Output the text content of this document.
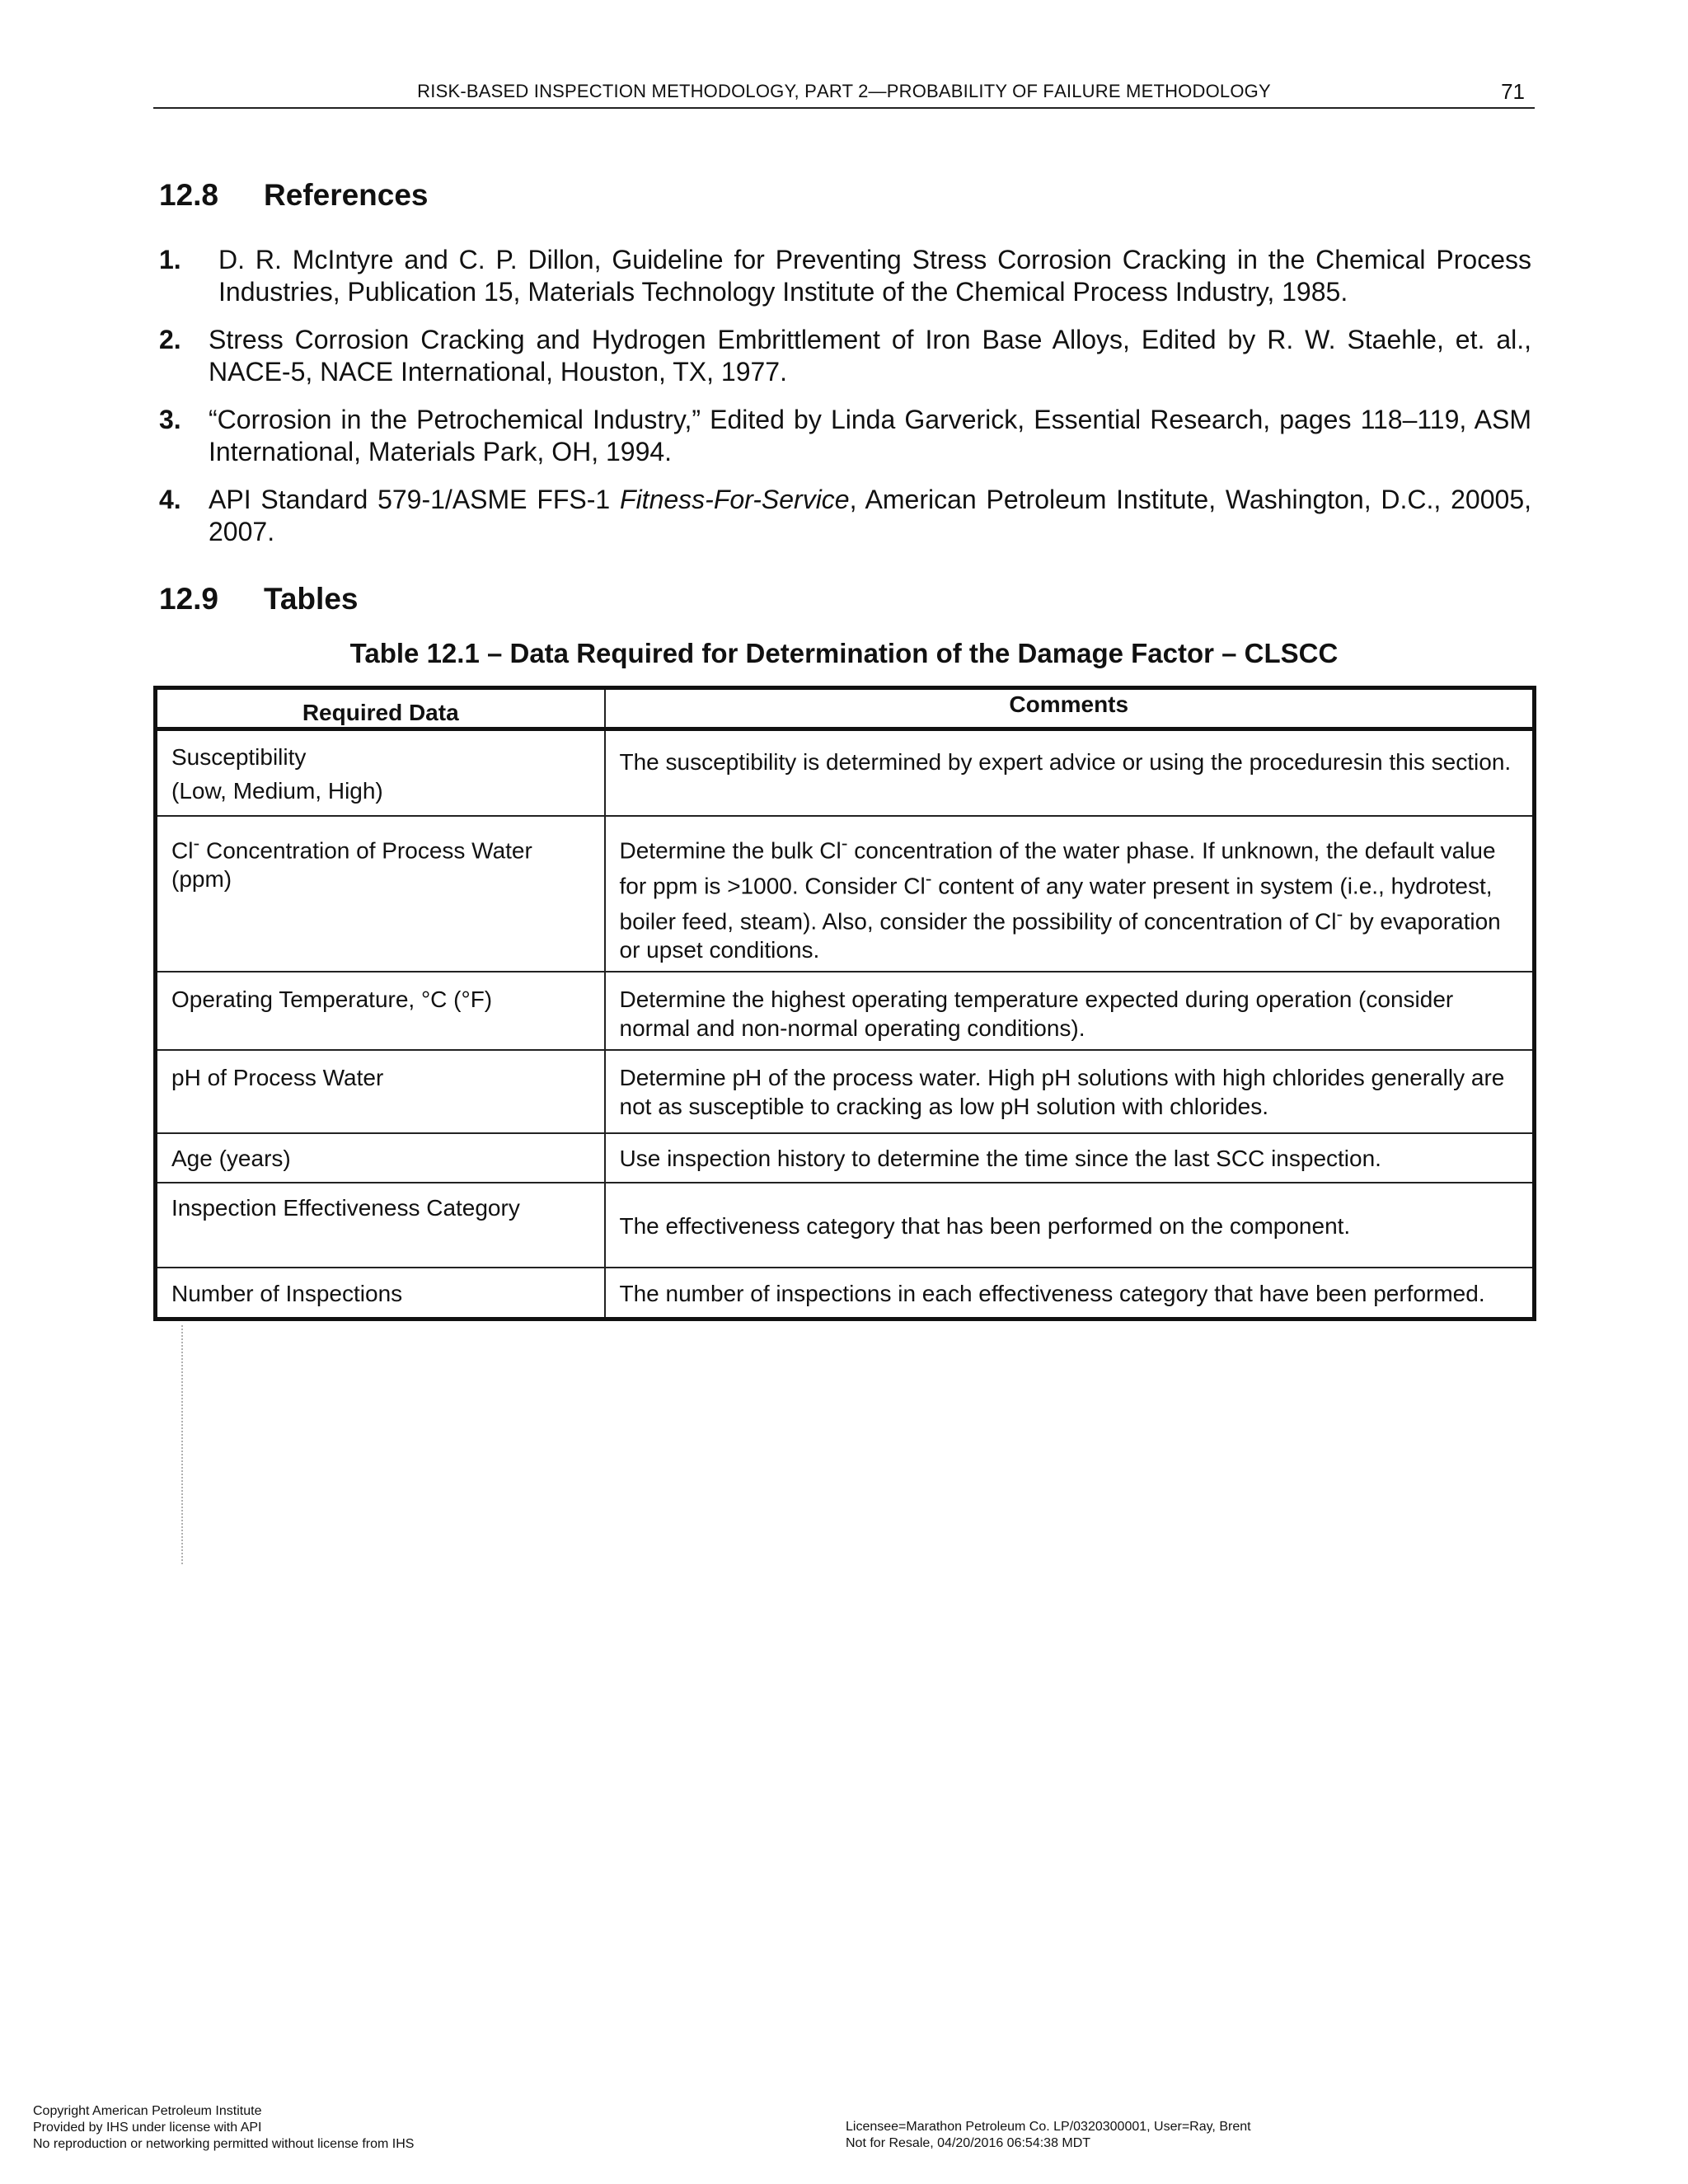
RISK-BASED INSPECTION METHODOLOGY, PART 2—PROBABILITY OF FAILURE METHODOLOGY	71
12.8 References
1. D. R. McIntyre and C. P. Dillon, Guideline for Preventing Stress Corrosion Cracking in the Chemical Process Industries, Publication 15, Materials Technology Institute of the Chemical Process Industry, 1985.
2. Stress Corrosion Cracking and Hydrogen Embrittlement of Iron Base Alloys, Edited by R. W. Staehle, et. al., NACE-5, NACE International, Houston, TX, 1977.
3. “Corrosion in the Petrochemical Industry,” Edited by Linda Garverick, Essential Research, pages 118–119, ASM International, Materials Park, OH, 1994.
4. API Standard 579-1/ASME FFS-1 Fitness-For-Service, American Petroleum Institute, Washington, D.C., 20005, 2007.
12.9 Tables
Table 12.1 – Data Required for Determination of the Damage Factor – CLSCC
Required Data	Comments

Susceptibility
(Low, Medium, High)	The susceptibility is determined by expert advice or using the proceduresin this section.
Cl- Concentration of Process Water (ppm)	Determine the bulk Cl- concentration of the water phase. If unknown, the default value for ppm is >1000. Consider Cl- content of any water present in system (i.e., hydrotest, boiler feed, steam). Also, consider the possibility of concentration of Cl- by evaporation or upset conditions.
Operating Temperature, °C (°F)	Determine the highest operating temperature expected during operation (consider normal and non-normal operating conditions).
pH of Process Water	Determine pH of the process water. High pH solutions with high chlorides generally are not as susceptible to cracking as low pH solution with chlorides.
Age (years)	Use inspection history to determine the time since the last SCC inspection.
Inspection Effectiveness Category	The effectiveness category that has been performed on the component.
Number of Inspections	The number of inspections in each effectiveness category that have been performed.
Copyright American Petroleum Institute
Provided by IHS under license with API
No reproduction or networking permitted without license from IHS
Licensee=Marathon Petroleum Co. LP/0320300001, User=Ray, Brent
Not for Resale, 04/20/2016 06:54:38 MDT
